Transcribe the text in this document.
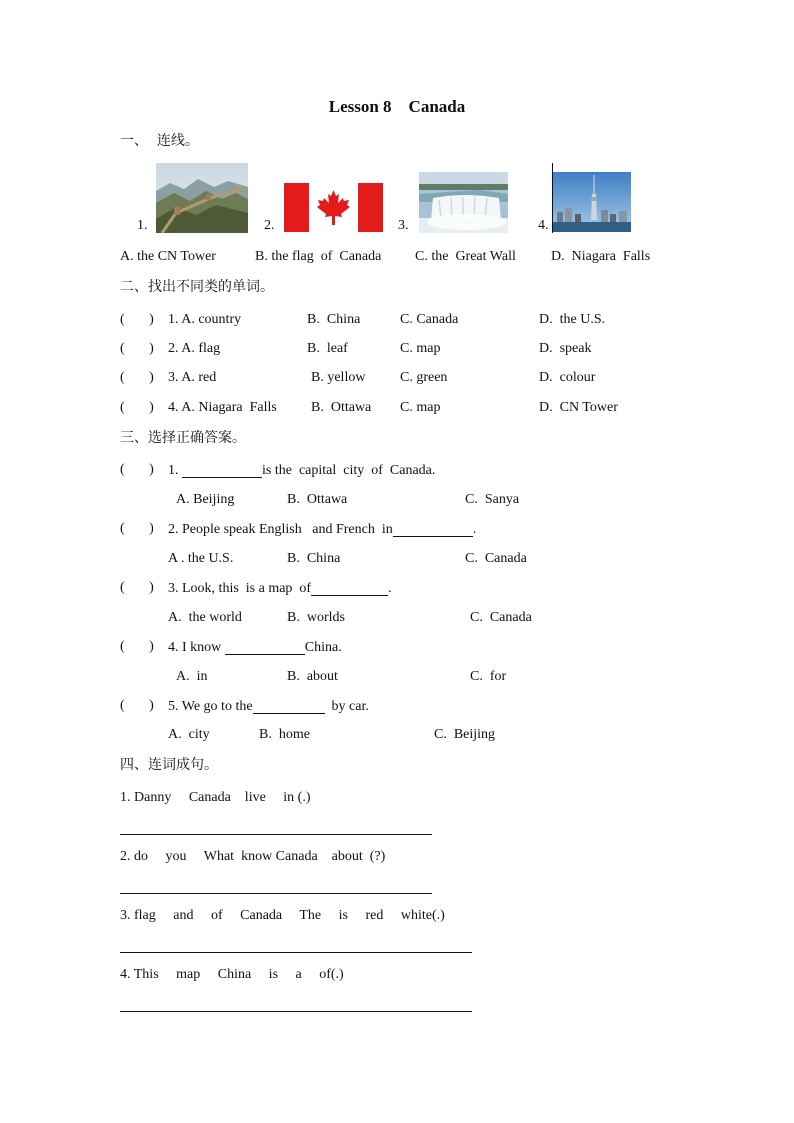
Lesson 8    Canada
一、  连线。
1.	2.	3.	4.
A. the CN Tower	B. the flag  of  Canada C. the  Great Wall	D.  Niagara  Falls
二、找出不同类的单词。
(       ) 1. A. country	B.  China	C. Canada	D.  the U.S.
(       ) 2. A. flag	B.  leaf	C. map	D.  speak
(       ) 3. A. red	B. yellow C. green	D.  colour
(       ) 4. A. Niagara  Falls B.  Ottawa C. map	D.  CN Tower
三、选择正确答案。
(       ) 1.	is the  capital  city  of  Canada.
A. Beijing	B.  Ottawa	C.  Sanya
(       ) 2. People speak English   and French  in	.
A . the U.S.	B.  China	C.  Canada
(       ) 3. Look, this  is a map  of	.
A.  the world	B.  worlds	C.  Canada
(       ) 4. I know	China.
A.  in	B.  about	C.  for
(       ) 5. We go to the	by car.
A.  city	B.  home	C.  Beijing
四、连词成句。
1. Danny     Canada    live     in (.)
2. do     you     What  know Canada    about  (?)
3. flag     and     of     Canada     The     is     red     white(.)
4. This     map     China     is     a     of(.)
